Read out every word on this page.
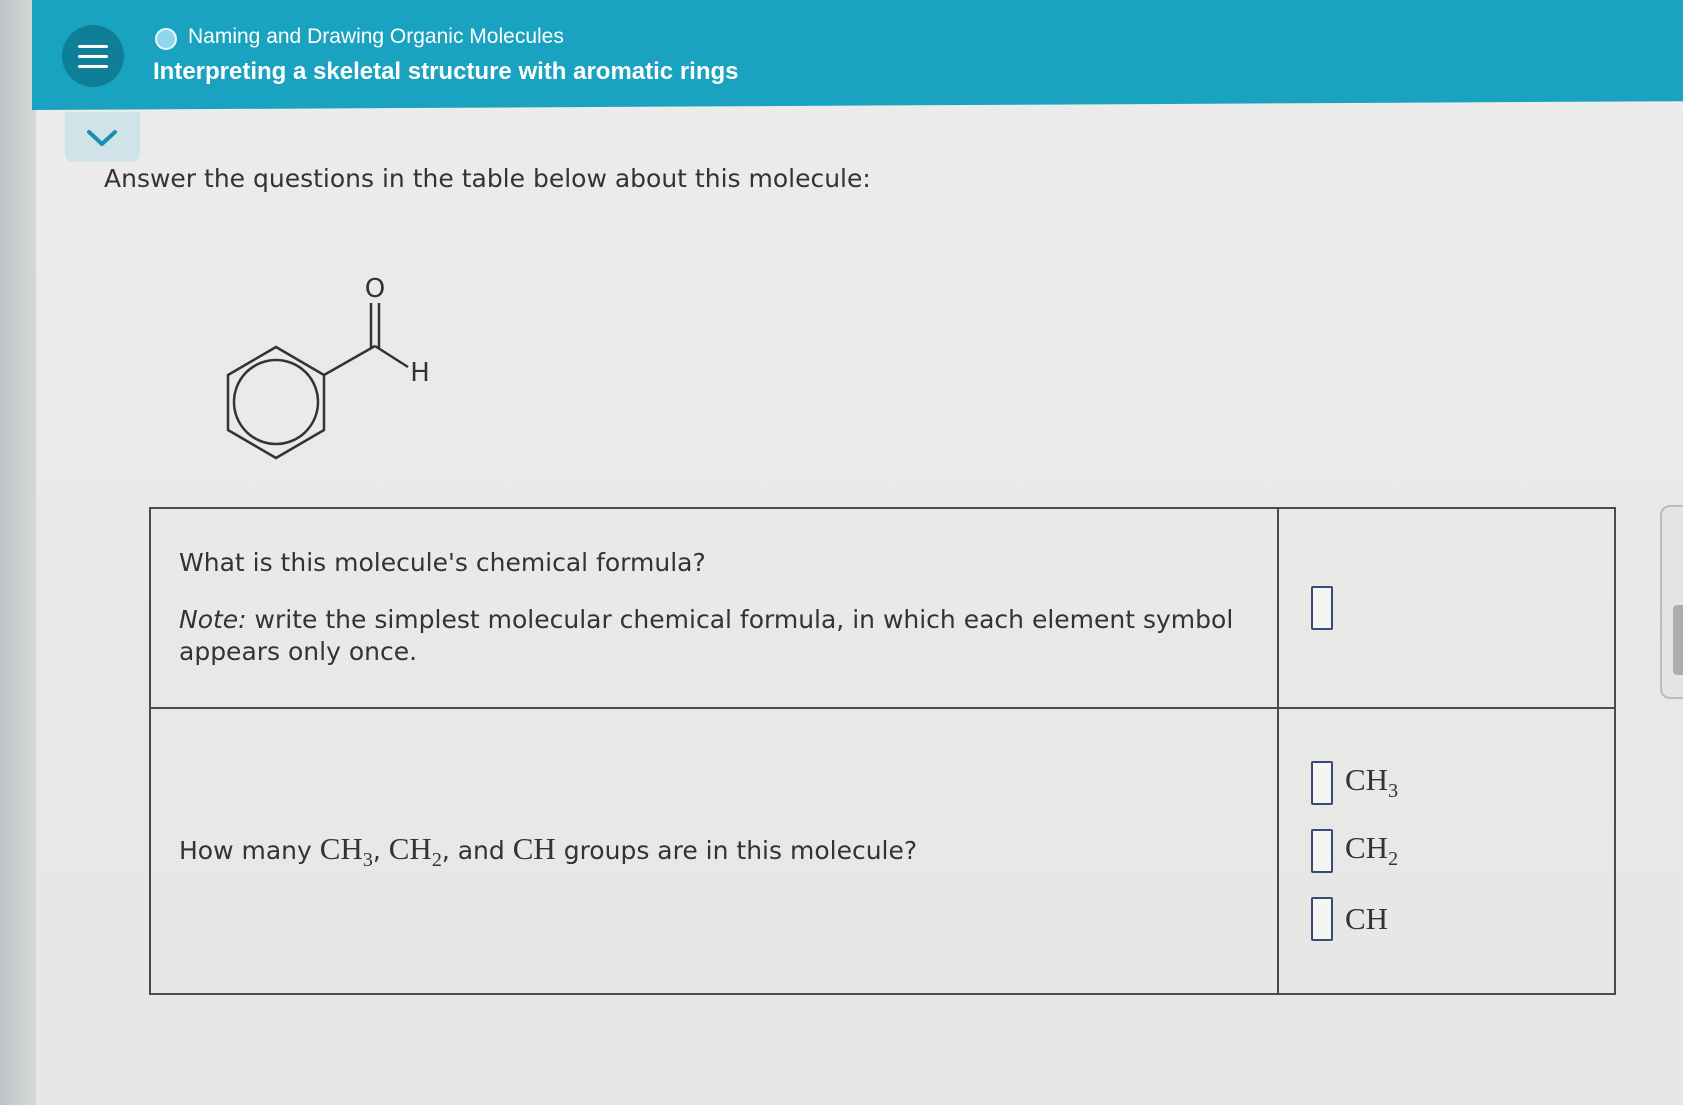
Naming and Drawing Organic Molecules
Interpreting a skeletal structure with aromatic rings
Answer the questions in the table below about this molecule:
O
H
What is this molecule's chemical formula?
Note: write the simplest molecular chemical formula, in which each element symbol appears only once.	

How many $CH_3$, $CH_2$, and CH groups are in this molecule?	$CH_3$
$CH_2$
CH
